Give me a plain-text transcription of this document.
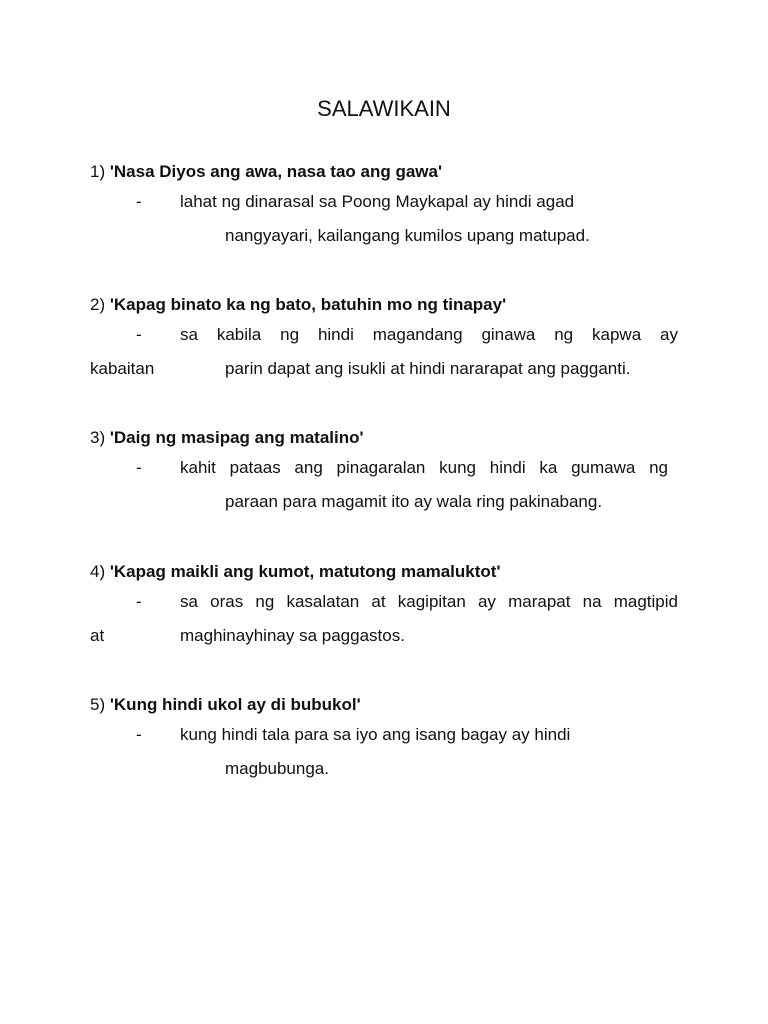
SALAWIKAIN
1) 'Nasa Diyos ang awa, nasa tao ang gawa'
- lahat ng dinarasal sa Poong Maykapal ay hindi agad
nangyayari, kailangang kumilos upang matupad.
2) 'Kapag binato ka ng bato, batuhin mo ng tinapay'
- sa kabila ng hindi magandang ginawa ng kapwa ay
kabaitan	parin dapat ang isukli at hindi nararapat ang pagganti.
3) 'Daig ng masipag ang matalino'
- kahit pataas ang pinagaralan kung hindi ka gumawa ng
paraan para magamit ito ay wala ring pakinabang.
4) 'Kapag maikli ang kumot, matutong mamaluktot'
- sa oras ng kasalatan at kagipitan ay marapat na magtipid
at	maghinayhinay sa paggastos.
5) 'Kung hindi ukol ay di bubukol'
- kung hindi tala para sa iyo ang isang bagay ay hindi
magbubunga.
